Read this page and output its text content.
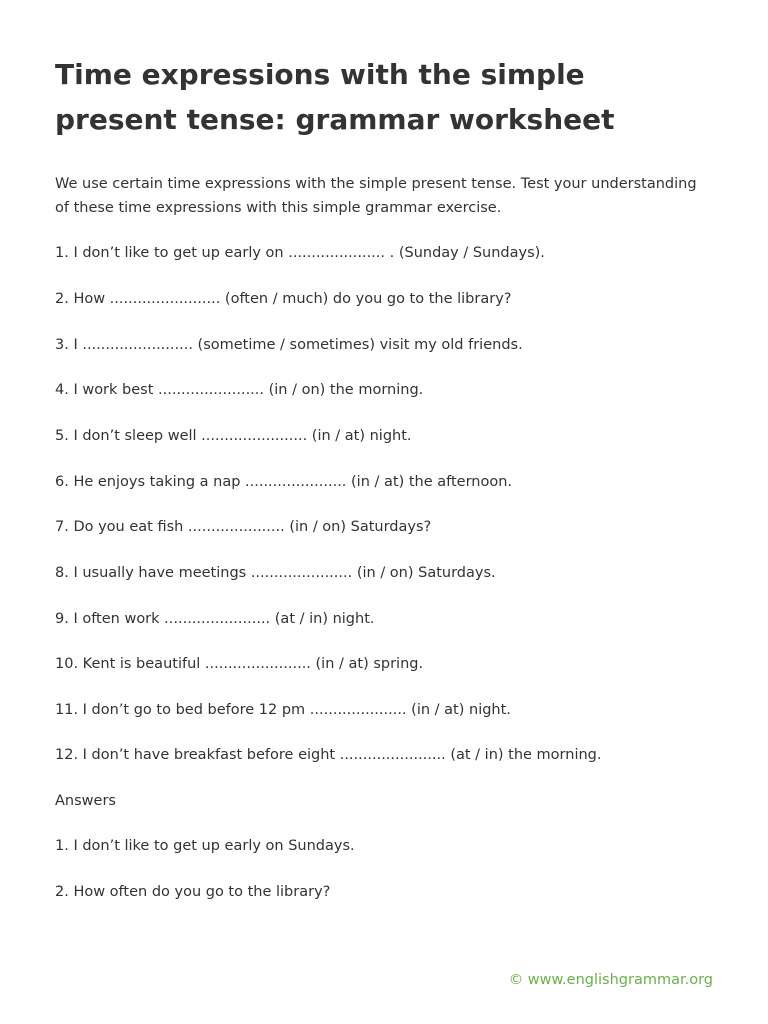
Time expressions with the simple present tense: grammar worksheet

We use certain time expressions with the simple present tense. Test your understanding of these time expressions with this simple grammar exercise.

1. I don’t like to get up early on ..................... . (Sunday / Sundays).

2. How ........................ (often / much) do you go to the library?

3. I ........................ (sometime / sometimes) visit my old friends.

4. I work best ....................... (in / on) the morning.

5. I don’t sleep well ....................... (in / at) night.

6. He enjoys taking a nap ...................... (in / at) the afternoon.

7. Do you eat fish ..................... (in / on) Saturdays?

8. I usually have meetings ...................... (in / on) Saturdays.

9. I often work ....................... (at / in) night.

10. Kent is beautiful ....................... (in / at) spring.

11. I don’t go to bed before 12 pm ..................... (in / at) night.

12. I don’t have breakfast before eight ....................... (at / in) the morning.

Answers

1. I don’t like to get up early on Sundays.

2. How often do you go to the library?

© www.englishgrammar.org
